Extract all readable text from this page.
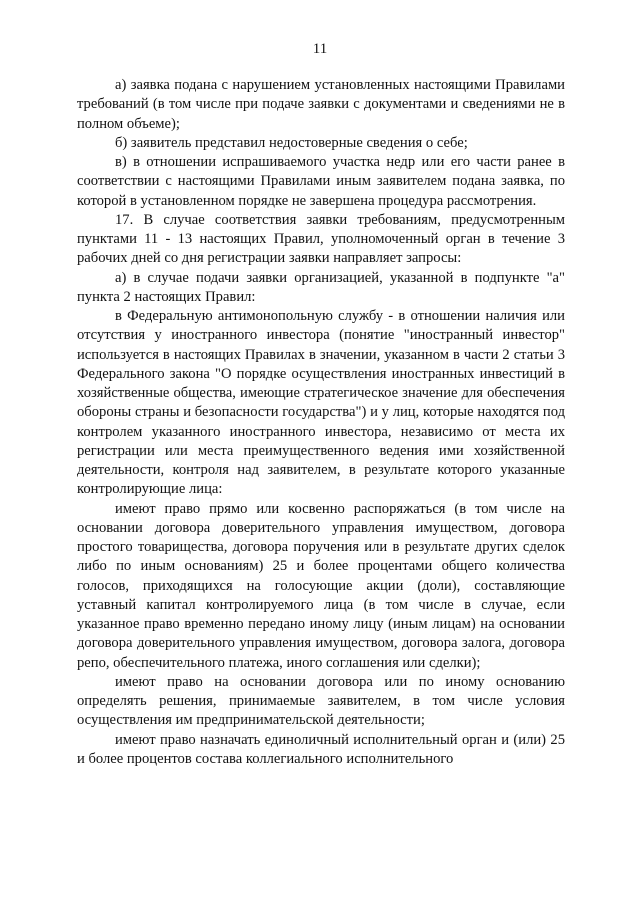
11

а) заявка подана с нарушением установленных настоящими Правилами требований (в том числе при подаче заявки с документами и сведениями не в полном объеме);

б) заявитель представил недостоверные сведения о себе;

в) в отношении испрашиваемого участка недр или его части ранее в соответствии с настоящими Правилами иным заявителем подана заявка, по которой в установленном порядке не завершена процедура рассмотрения.

17. В случае соответствия заявки требованиям, предусмотренным пунктами 11 - 13 настоящих Правил, уполномоченный орган в течение 3 рабочих дней со дня регистрации заявки направляет запросы:

а) в случае подачи заявки организацией, указанной в подпункте "а" пункта 2 настоящих Правил:

в Федеральную антимонопольную службу - в отношении наличия или отсутствия у иностранного инвестора (понятие "иностранный инвестор" используется в настоящих Правилах в значении, указанном в части 2 статьи 3 Федерального закона "О порядке осуществления иностранных инвестиций в хозяйственные общества, имеющие стратегическое значение для обеспечения обороны страны и безопасности государства") и у лиц, которые находятся под контролем указанного иностранного инвестора, независимо от места их регистрации или места преимущественного ведения ими хозяйственной деятельности, контроля над заявителем, в результате которого указанные контролирующие лица:

имеют право прямо или косвенно распоряжаться (в том числе на основании договора доверительного управления имуществом, договора простого товарищества, договора поручения или в результате других сделок либо по иным основаниям) 25 и более процентами общего количества голосов, приходящихся на голосующие акции (доли), составляющие уставный капитал контролируемого лица (в том числе в случае, если указанное право временно передано иному лицу (иным лицам) на основании договора доверительного управления имуществом, договора залога, договора репо, обеспечительного платежа, иного соглашения или сделки);

имеют право на основании договора или по иному основанию определять решения, принимаемые заявителем, в том числе условия осуществления им предпринимательской деятельности;

имеют право назначать единоличный исполнительный орган и (или) 25 и более процентов состава коллегиального исполнительного
